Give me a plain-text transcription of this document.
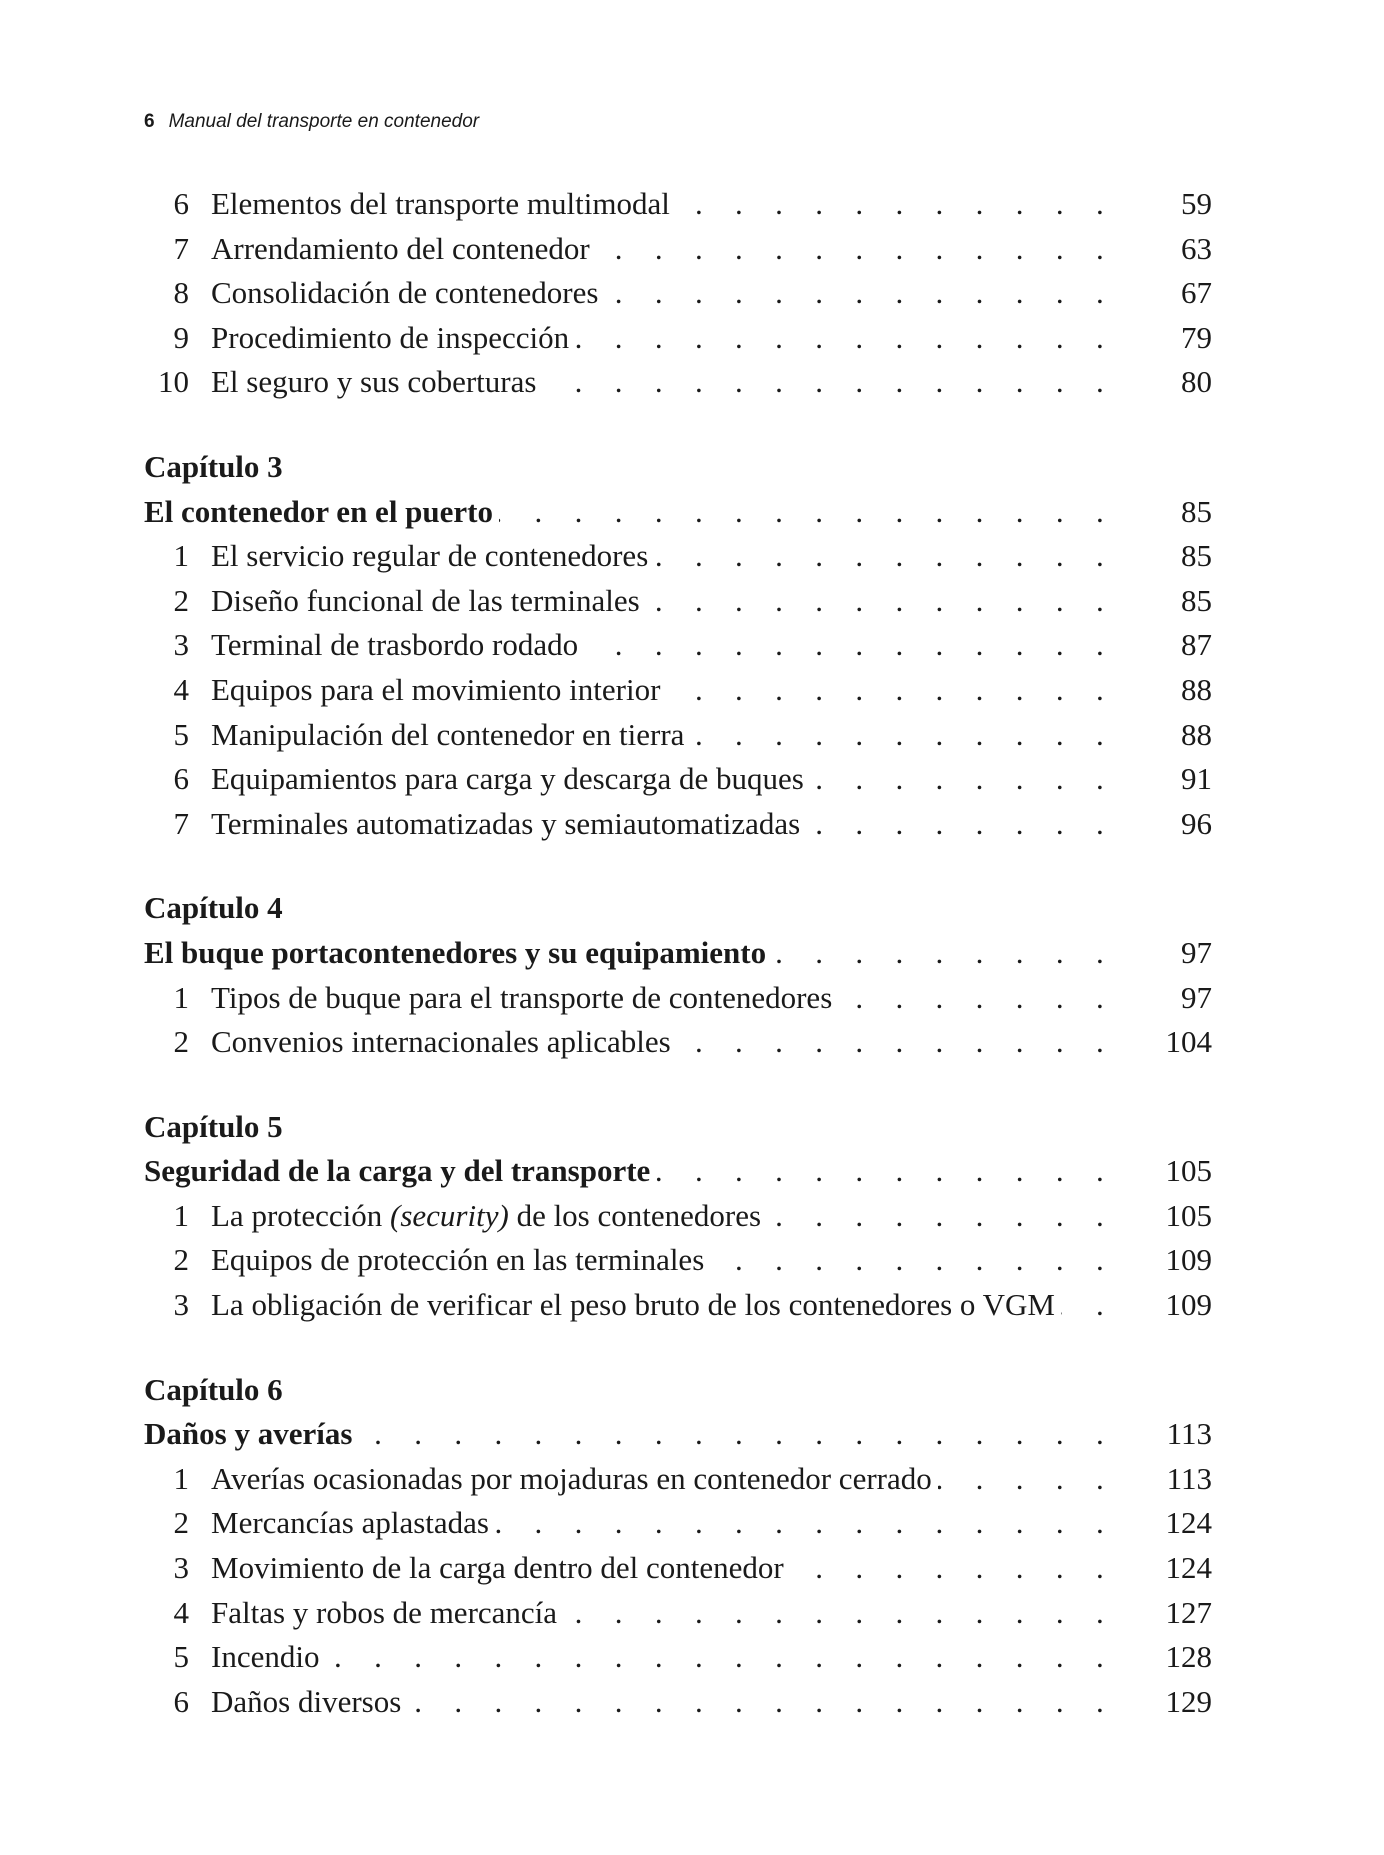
6 Manual del transporte en contenedor
6 Elementos del transporte multimodal . . .	59
7 Arrendamiento del contenedor . . .	63
8 Consolidación de contenedores . . .	67
9 Procedimiento de inspección . . .	79
10 El seguro y sus coberturas . . .	80
Capítulo 3
El contenedor en el puerto . . .	85
1 El servicio regular de contenedores . . .	85
2 Diseño funcional de las terminales . . .	85
3 Terminal de trasbordo rodado . . .	87
4 Equipos para el movimiento interior . . .	88
5 Manipulación del contenedor en tierra . . .	88
6 Equipamientos para carga y descarga de buques . . .	91
7 Terminales automatizadas y semiautomatizadas . . .	96
Capítulo 4
El buque portacontenedores y su equipamiento . . .	97
1 Tipos de buque para el transporte de contenedores . . .	97
2 Convenios internacionales aplicables . . .	104
Capítulo 5
Seguridad de la carga y del transporte . . .	105
1 La protección (security) de los contenedores . . .	105
2 Equipos de protección en las terminales . . .	109
3 La obligación de verificar el peso bruto de los contenedores o VGM . . .	109
Capítulo 6
Daños y averías . . .	113
1 Averías ocasionadas por mojaduras en contenedor cerrado . . .	113
2 Mercancías aplastadas . . .	124
3 Movimiento de la carga dentro del contenedor . . .	124
4 Faltas y robos de mercancía . . .	127
5 Incendio . . .	128
6 Daños diversos . . .	129
